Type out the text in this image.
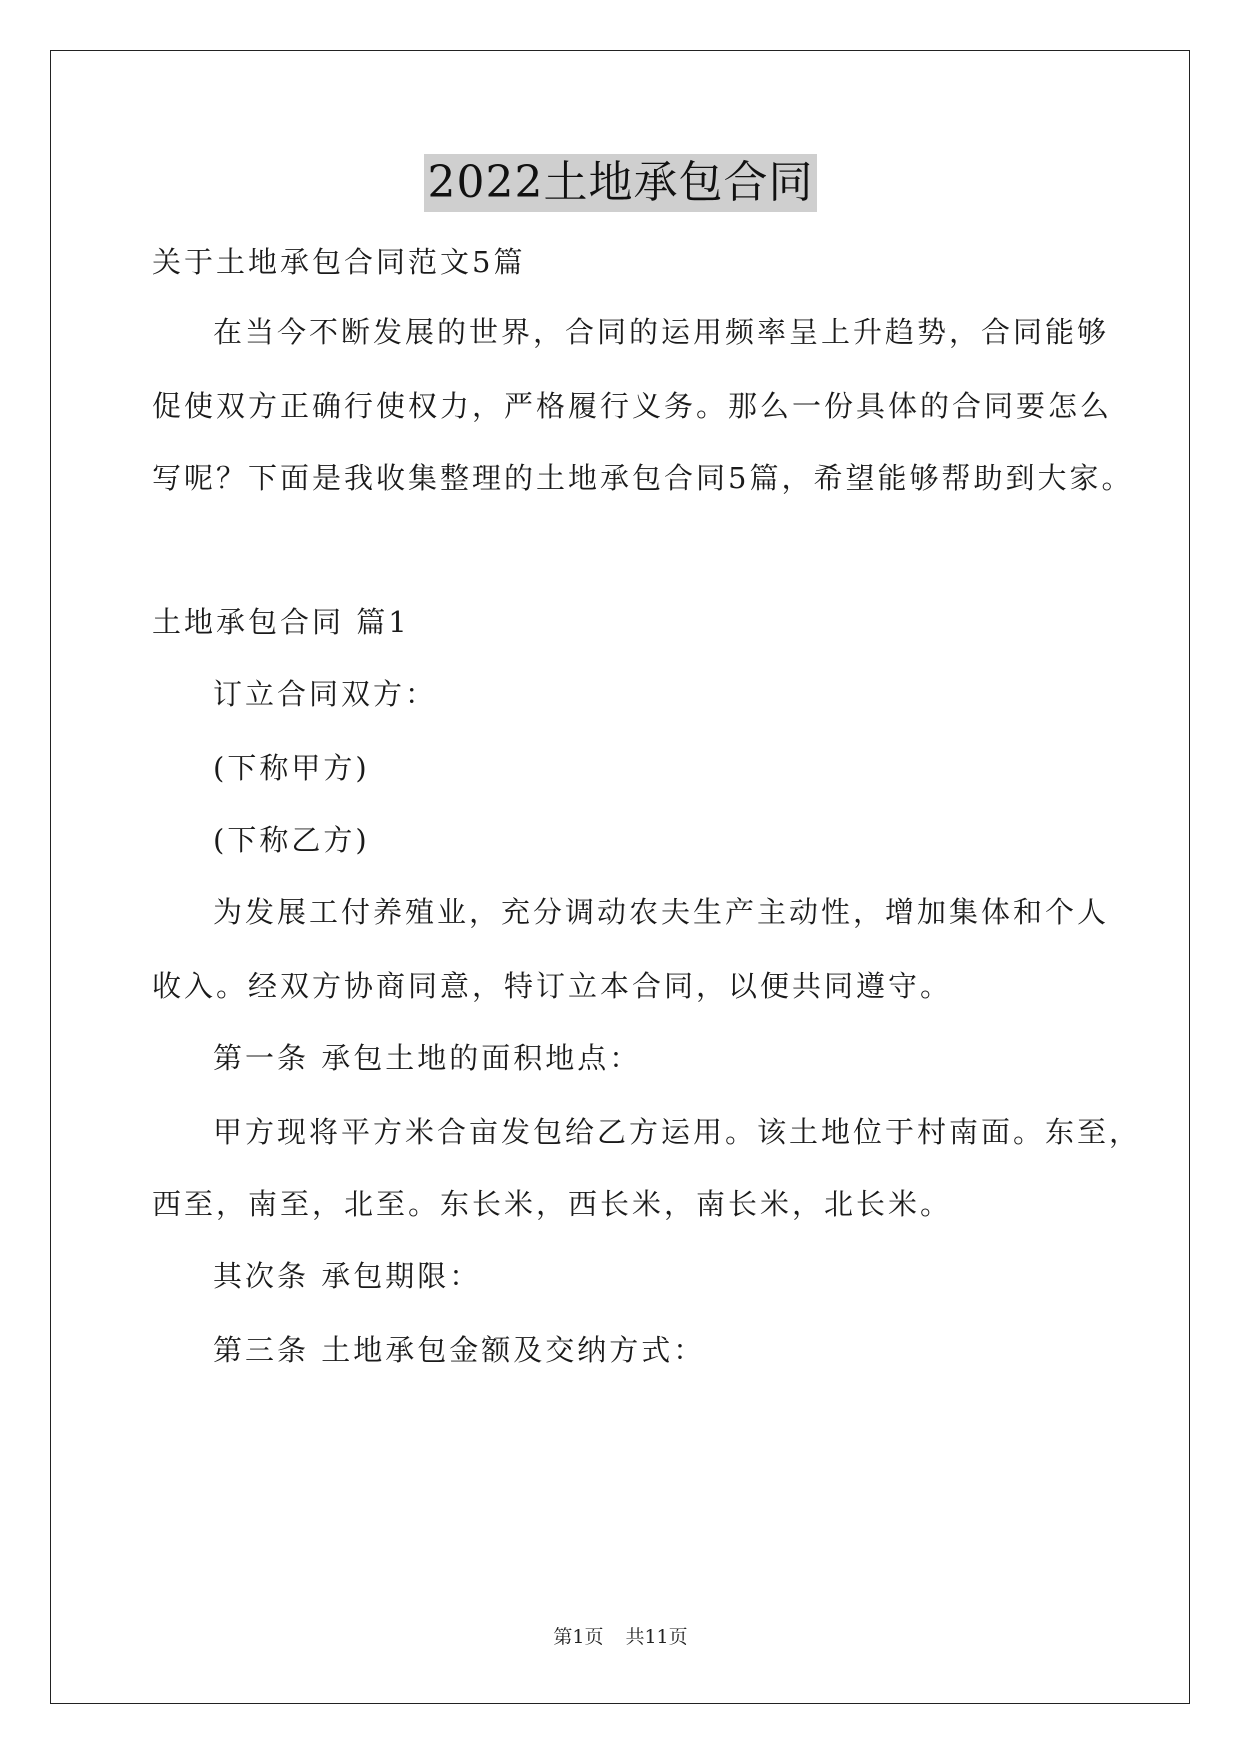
2022土地承包合同
关于土地承包合同范文5篇
在当今不断发展的世界，合同的运用频率呈上升趋势，合同能够
促使双方正确行使权力，严格履行义务。那么一份具体的合同要怎么
写呢？下面是我收集整理的土地承包合同5篇，希望能够帮助到大家。
土地承包合同 篇1
订立合同双方：
(下称甲方)
(下称乙方)
为发展工付养殖业，充分调动农夫生产主动性，增加集体和个人
收入。经双方协商同意，特订立本合同，以便共同遵守。
第一条 承包土地的面积地点：
甲方现将平方米合亩发包给乙方运用。该土地位于村南面。东至，
西至，南至，北至。东长米，西长米，南长米，北长米。
其次条 承包期限：
第三条 土地承包金额及交纳方式：
第1页 共11页
